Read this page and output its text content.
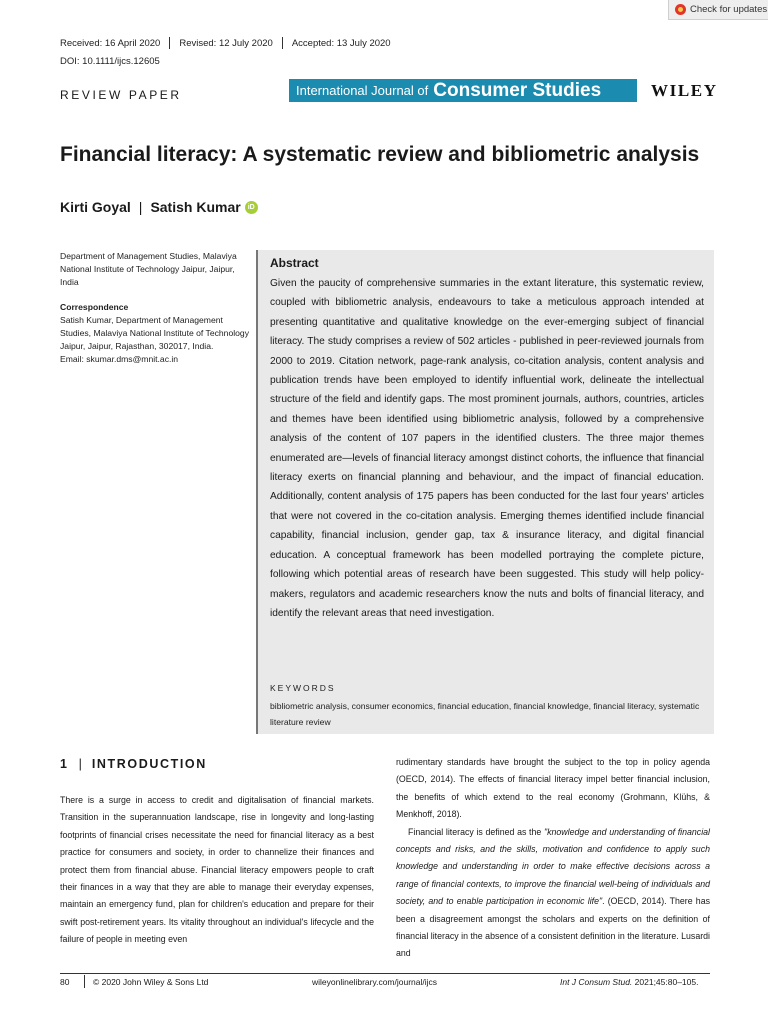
Check for updates
Received: 16 April 2020 Revised: 12 July 2020 Accepted: 13 July 2020
DOI: 10.1111/ijcs.12605
REVIEW PAPER	International Journal of Consumer Studies	WILEY
Financial literacy: A systematic review and bibliometric analysis
Kirti Goyal | Satish Kumar	iD
Department of Management Studies, Malaviya National Institute of Technology Jaipur, Jaipur, India
Correspondence
Satish Kumar, Department of Management Studies, Malaviya National Institute of Technology Jaipur, Jaipur, Rajasthan, 302017, India.
Email: skumar.dms@mnit.ac.in
Abstract
Given the paucity of comprehensive summaries in the extant literature, this systematic review, coupled with bibliometric analysis, endeavours to take a meticulous approach intended at presenting quantitative and qualitative knowledge on the ever-emerging subject of financial literacy. The study comprises a review of 502 articles - published in peer-reviewed journals from 2000 to 2019. Citation network, page-rank analysis, co-citation analysis, content analysis and publication trends have been employed to identify influential work, delineate the intellectual structure of the field and identify gaps. The most prominent journals, authors, countries, articles and themes have been identified using bibliometric analysis, followed by a comprehensive analysis of the content of 107 papers in the identified clusters. The three major themes enumerated are—levels of financial literacy amongst distinct cohorts, the influence that financial literacy exerts on financial planning and behaviour, and the impact of financial education. Additionally, content analysis of 175 papers has been conducted for the last four years' articles that were not covered in the co-citation analysis. Emerging themes identified include financial capability, financial inclusion, gender gap, tax & insurance literacy, and digital financial education. A conceptual framework has been modelled portraying the complete picture, following which potential areas of research have been suggested. This study will help policy-makers, regulators and academic researchers know the nuts and bolts of financial literacy, and identify the relevant areas that need investigation.
KEYWORDS
bibliometric analysis, consumer economics, financial education, financial knowledge, financial literacy, systematic literature review
1 | INTRODUCTION
There is a surge in access to credit and digitalisation of financial markets. Transition in the superannuation landscape, rise in longevity and long-lasting footprints of financial crises necessitate the need for financial literacy as a best practice for consumers and society, in order to channelize their finances and protect them from financial abuse. Financial literacy empowers people to craft their finances in a way that they are able to manage their everyday expenses, maintain an emergency fund, plan for children's education and prepare for their swift post-retirement years. Its vitality throughout an individual's lifecycle and the failure of people in meeting even

rudimentary standards have brought the subject to the top in policy agenda (OECD, 2014). The effects of financial literacy impel better financial inclusion, the benefits of which extend to the real economy (Grohmann, Klühs, & Menkhoff, 2018).

Financial literacy is defined as the "knowledge and understanding of financial concepts and risks, and the skills, motivation and confidence to apply such knowledge and understanding in order to make effective decisions across a range of financial contexts, to improve the financial well-being of individuals and society, and to enable participation in economic life". (OECD, 2014). There has been a disagreement amongst the scholars and experts on the definition of financial literacy in the absence of a consistent definition in the literature. Lusardi and

80	© 2020 John Wiley & Sons Ltd	wileyonlinelibrary.com/journal/ijcs	Int J Consum Stud. 2021;45:80–105.
